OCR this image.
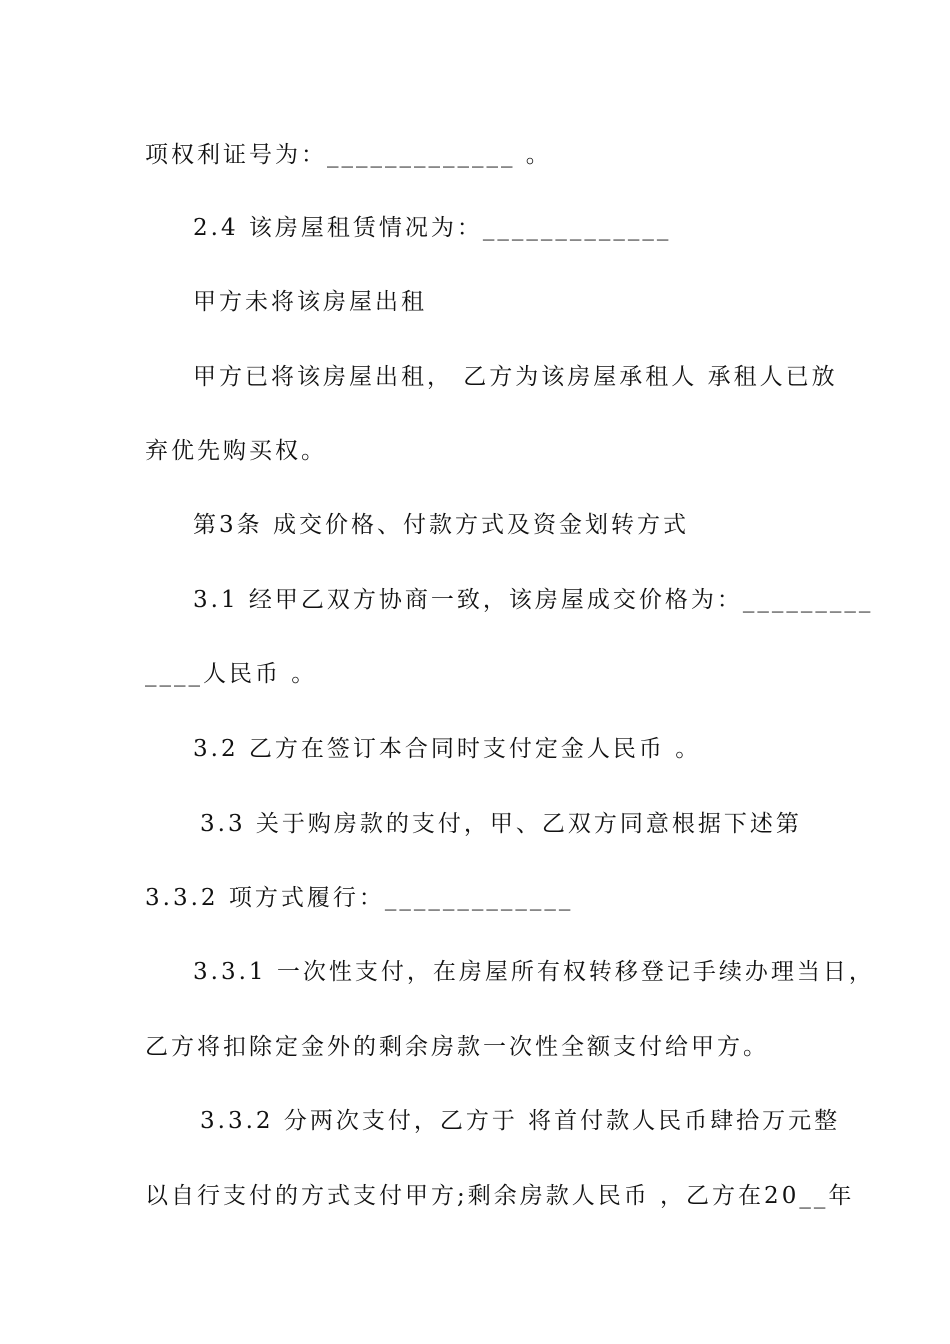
项权利证号为：_____________ 。
2.4 该房屋租赁情况为：_____________
甲方未将该房屋出租
甲方已将该房屋出租， 乙方为该房屋承租人 承租人已放
弃优先购买权。
第3条 成交价格、付款方式及资金划转方式
3.1 经甲乙双方协商一致，该房屋成交价格为：_________
____人民币 。
3.2 乙方在签订本合同时支付定金人民币 。
3.3 关于购房款的支付，甲、乙双方同意根据下述第
3.3.2 项方式履行：_____________
3.3.1 一次性支付，在房屋所有权转移登记手续办理当日，
乙方将扣除定金外的剩余房款一次性全额支付给甲方。
3.3.2 分两次支付，乙方于 将首付款人民币肆拾万元整
以自行支付的方式支付甲方;剩余房款人民币 ，乙方在20__年
